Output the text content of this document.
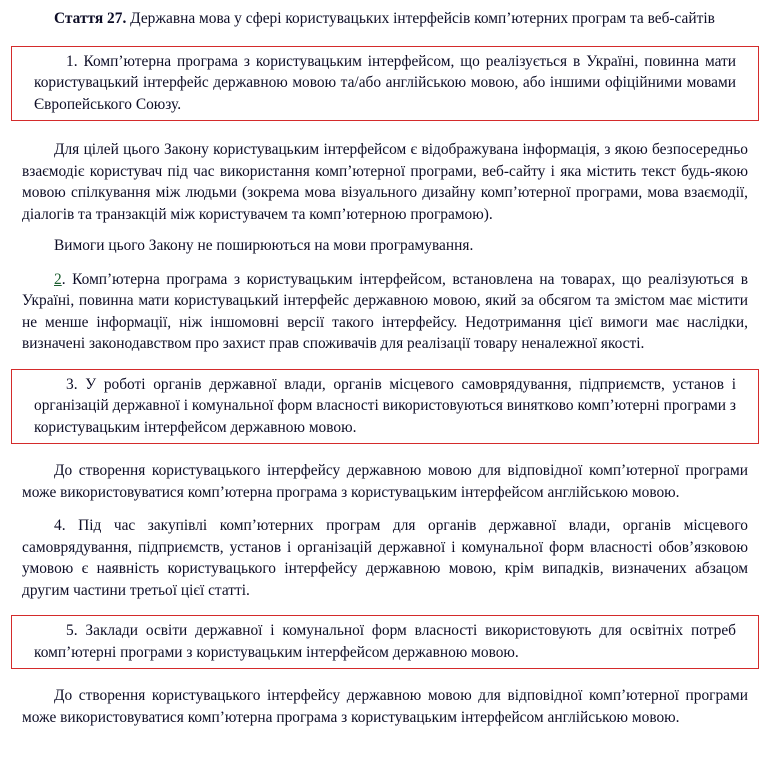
Стаття 27. Державна мова у сфері користувацьких інтерфейсів комп’ютерних програм та веб-сайтів

1. Комп’ютерна програма з користувацьким інтерфейсом, що реалізується в Україні, повинна мати користувацький інтерфейс державною мовою та/або англійською мовою, або іншими офіційними мовами Європейського Союзу.

Для цілей цього Закону користувацьким інтерфейсом є відображувана інформація, з якою безпосередньо взаємодіє користувач під час використання комп’ютерної програми, веб-сайту і яка містить текст будь-якою мовою спілкування між людьми (зокрема мова візуального дизайну комп’ютерної програми, мова взаємодії, діалогів та транзакцій між користувачем та комп’ютерною програмою).

Вимоги цього Закону не поширюються на мови програмування.

2. Комп’ютерна програма з користувацьким інтерфейсом, встановлена на товарах, що реалізуються в Україні, повинна мати користувацький інтерфейс державною мовою, який за обсягом та змістом має містити не менше інформації, ніж іншомовні версії такого інтерфейсу. Недотримання цієї вимоги має наслідки, визначені законодавством про захист прав споживачів для реалізації товару неналежної якості.

3. У роботі органів державної влади, органів місцевого самоврядування, підприємств, установ і організацій державної і комунальної форм власності використовуються винятково комп’ютерні програми з користувацьким інтерфейсом державною мовою.

До створення користувацького інтерфейсу державною мовою для відповідної комп’ютерної програми може використовуватися комп’ютерна програма з користувацьким інтерфейсом англійською мовою.

4. Під час закупівлі комп’ютерних програм для органів державної влади, органів місцевого самоврядування, підприємств, установ і організацій державної і комунальної форм власності обов’язковою умовою є наявність користувацького інтерфейсу державною мовою, крім випадків, визначених абзацом другим частини третьої цієї статті.

5. Заклади освіти державної і комунальної форм власності використовують для освітніх потреб комп’ютерні програми з користувацьким інтерфейсом державною мовою.

До створення користувацького інтерфейсу державною мовою для відповідної комп’ютерної програми може використовуватися комп’ютерна програма з користувацьким інтерфейсом англійською мовою.
